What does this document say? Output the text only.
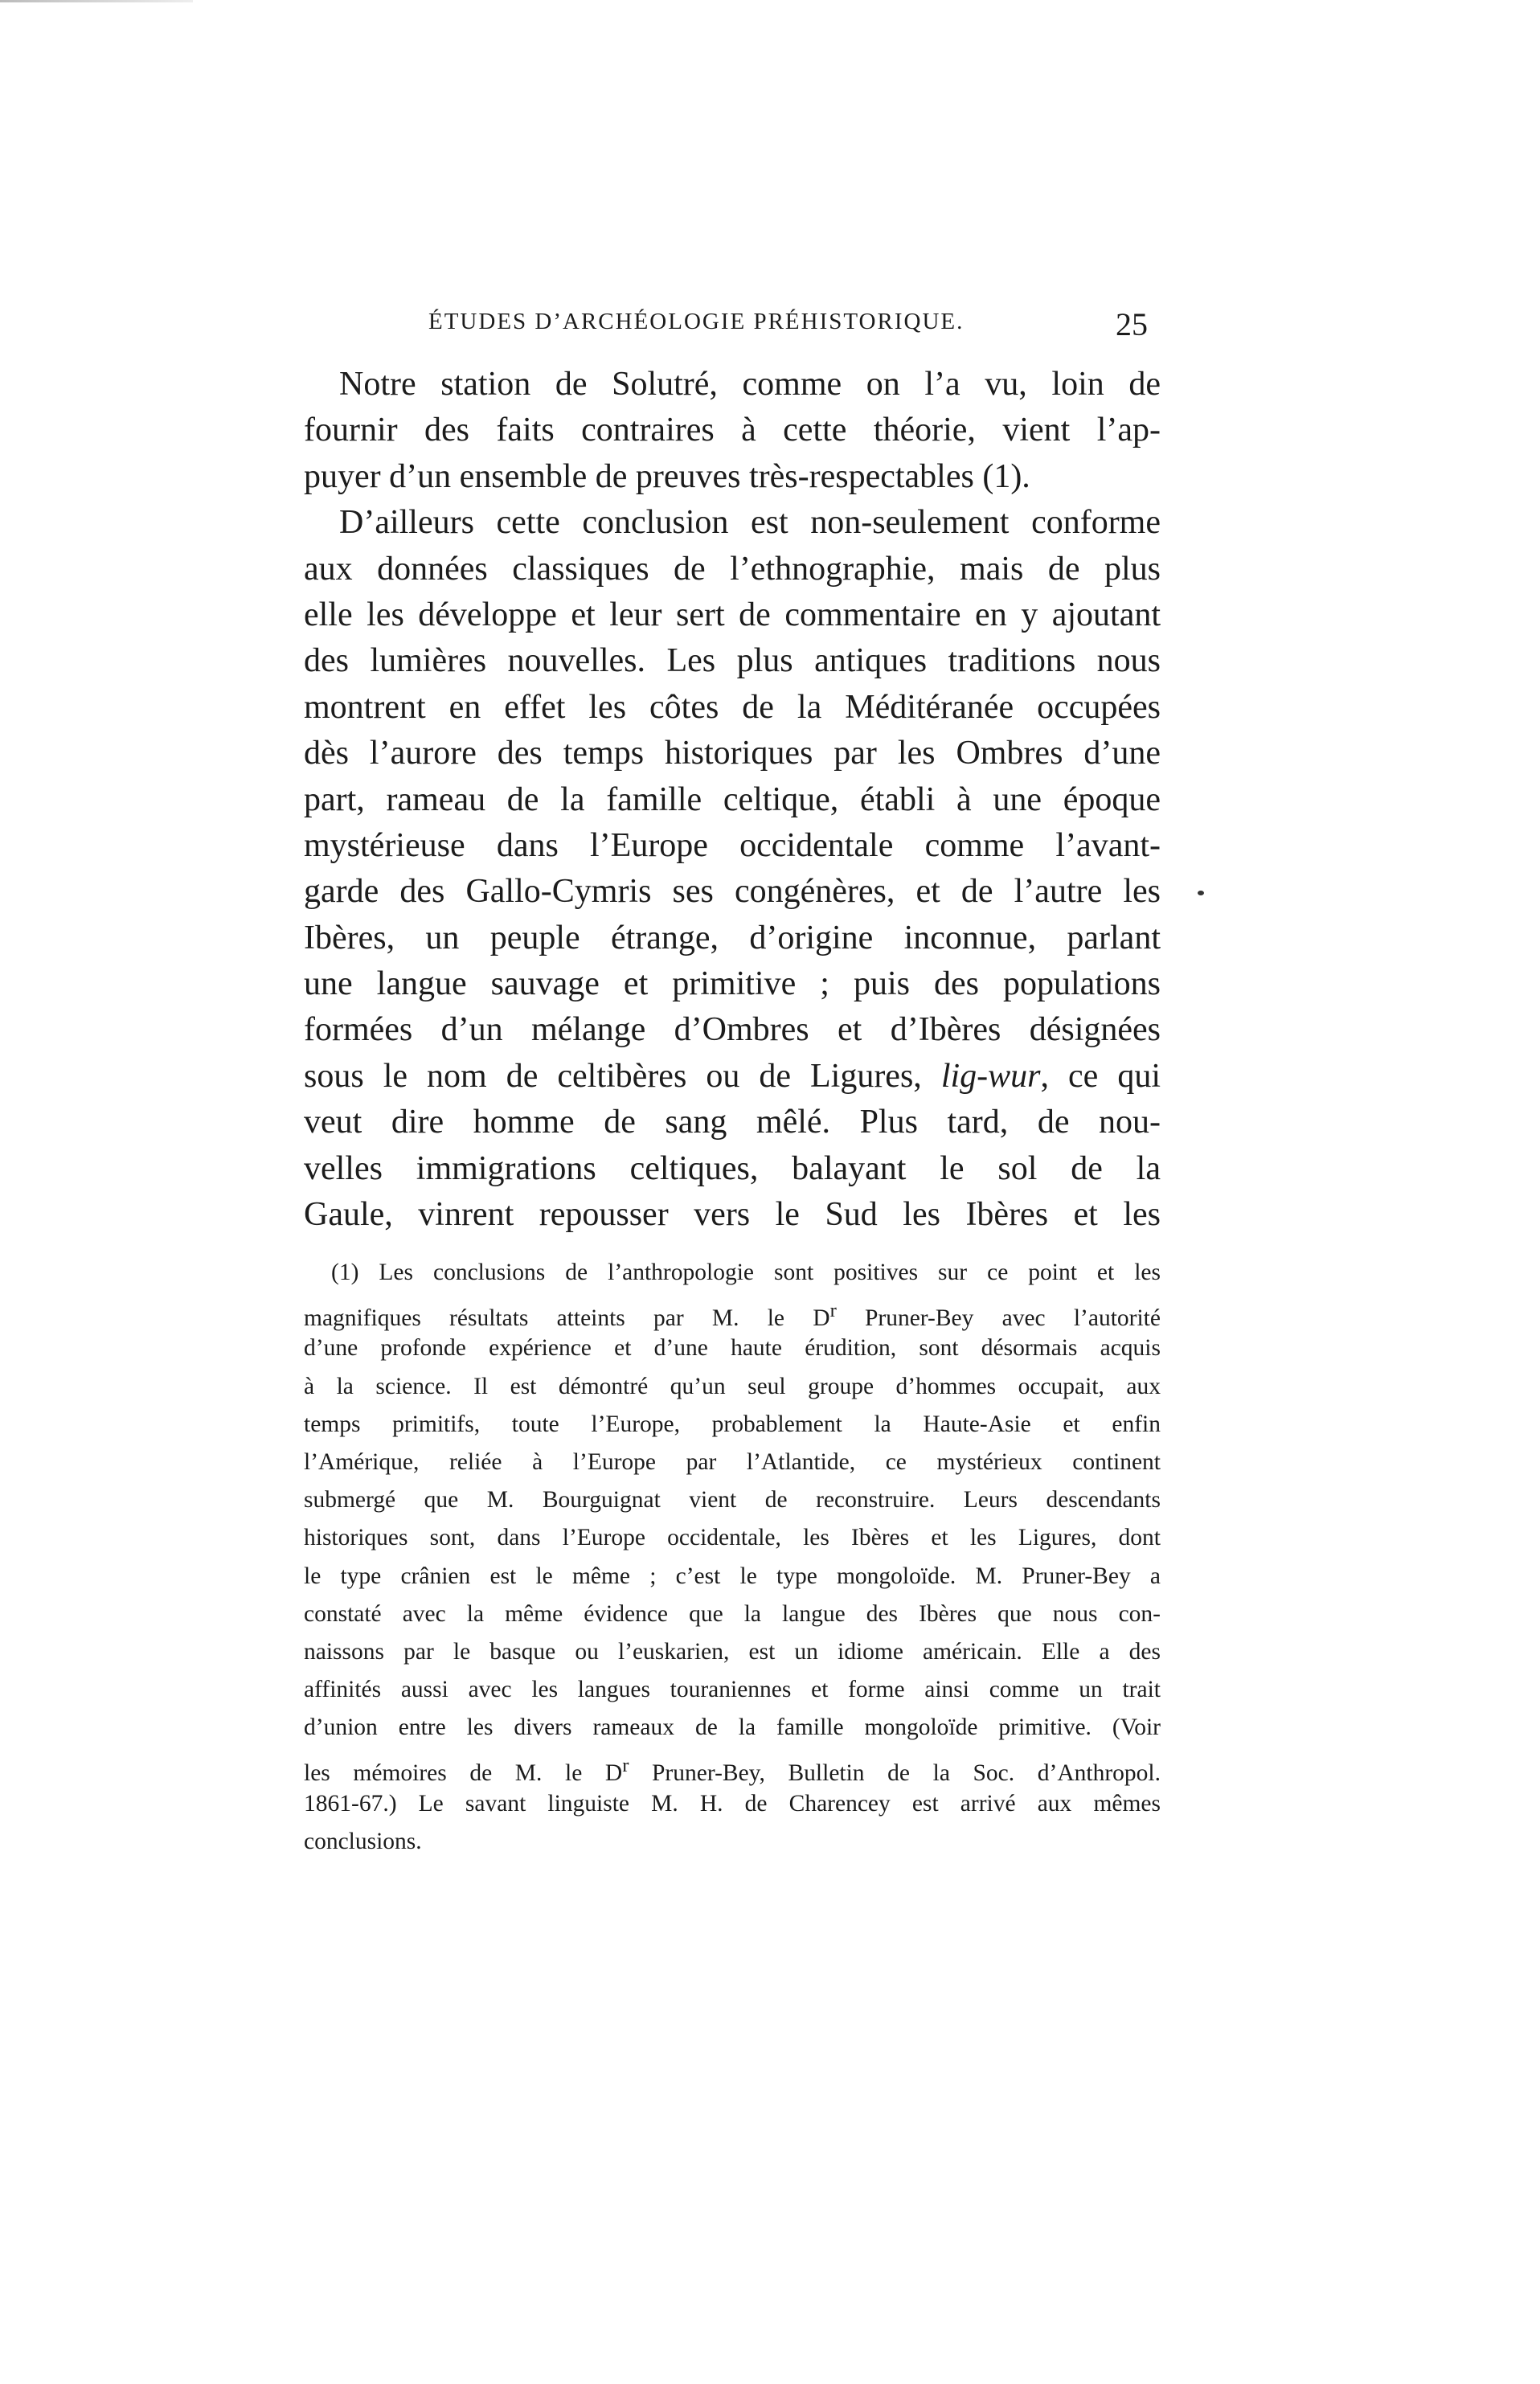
ÉTUDES D’ARCHÉOLOGIE PRÉHISTORIQUE.	25
Notre station de Solutré, comme on l’a vu, loin de
fournir des faits contraires à cette théorie, vient l’ap-
puyer d’un ensemble de preuves très-respectables (1).
D’ailleurs cette conclusion est non-seulement conforme
aux données classiques de l’ethnographie, mais de plus
elle les développe et leur sert de commentaire en y ajoutant
des lumières nouvelles. Les plus antiques traditions nous
montrent en effet les côtes de la Méditéranée occupées
dès l’aurore des temps historiques par les Ombres d’une
part, rameau de la famille celtique, établi à une époque
mystérieuse dans l’Europe occidentale comme l’avant-
garde des Gallo-Cymris ses congénères, et de l’autre les
Ibères, un peuple étrange, d’origine inconnue, parlant
une langue sauvage et primitive ; puis des populations
formées d’un mélange d’Ombres et d’Ibères désignées
sous le nom de celtibères ou de Ligures, lig-wur, ce qui
veut dire homme de sang mêlé. Plus tard, de nou-
velles immigrations celtiques, balayant le sol de la
Gaule, vinrent repousser vers le Sud les Ibères et les
(1) Les conclusions de l’anthropologie sont positives sur ce point et les
magnifiques résultats atteints par M. le $D^r$ Pruner-Bey avec l’autorité
d’une profonde expérience et d’une haute érudition, sont désormais acquis
à la science. Il est démontré qu’un seul groupe d’hommes occupait, aux
temps primitifs, toute l’Europe, probablement la Haute-Asie et enfin
l’Amérique, reliée à l’Europe par l’Atlantide, ce mystérieux continent
submergé que M. Bourguignat vient de reconstruire. Leurs descendants
historiques sont, dans l’Europe occidentale, les Ibères et les Ligures, dont
le type crânien est le même ; c’est le type mongoloïde. M. Pruner-Bey a
constaté avec la même évidence que la langue des Ibères que nous con-
naissons par le basque ou l’euskarien, est un idiome américain. Elle a des
affinités aussi avec les langues touraniennes et forme ainsi comme un trait
d’union entre les divers rameaux de la famille mongoloïde primitive. (Voir
les mémoires de M. le $D^r$ Pruner-Bey, Bulletin de la Soc. d’Anthropol.
1861-67.) Le savant linguiste M. H. de Charencey est arrivé aux mêmes
conclusions.
